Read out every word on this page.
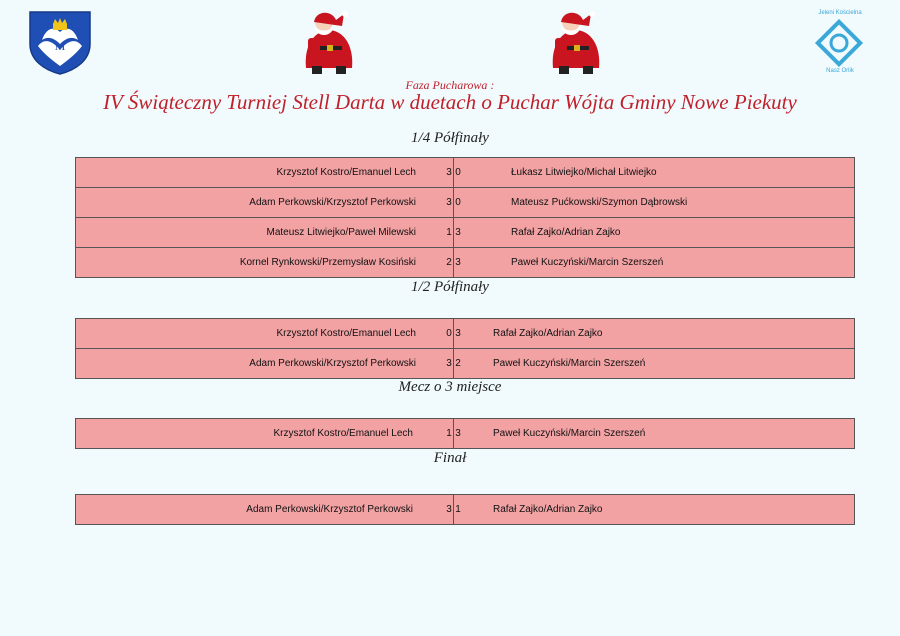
M
Jeleni Kościelna
Nasz Orlik
Faza Pucharowa :
IV Świąteczny Turniej Stell Darta w duetach o Puchar Wójta Gminy Nowe Piekuty
1/4 Półfinały
Krzysztof Kostro/Emanuel Lech	3 0	Łukasz Litwiejko/Michał Litwiejko
Adam Perkowski/Krzysztof Perkowski	3 0	Mateusz Pućkowski/Szymon Dąbrowski
Mateusz Litwiejko/Paweł Milewski	1 3	Rafał Zajko/Adrian Zajko
Kornel Rynkowski/Przemysław Kosiński	2 3	Paweł Kuczyński/Marcin Szerszeń
1/2 Półfinały
Krzysztof Kostro/Emanuel Lech	0 3	Rafał Zajko/Adrian Zajko
Adam Perkowski/Krzysztof Perkowski	3 2	Paweł Kuczyński/Marcin Szerszeń
Mecz o 3 miejsce
Krzysztof Kostro/Emanuel Lech	1 3	Paweł Kuczyński/Marcin Szerszeń
Finał
Adam Perkowski/Krzysztof Perkowski	3 1	Rafał Zajko/Adrian Zajko
